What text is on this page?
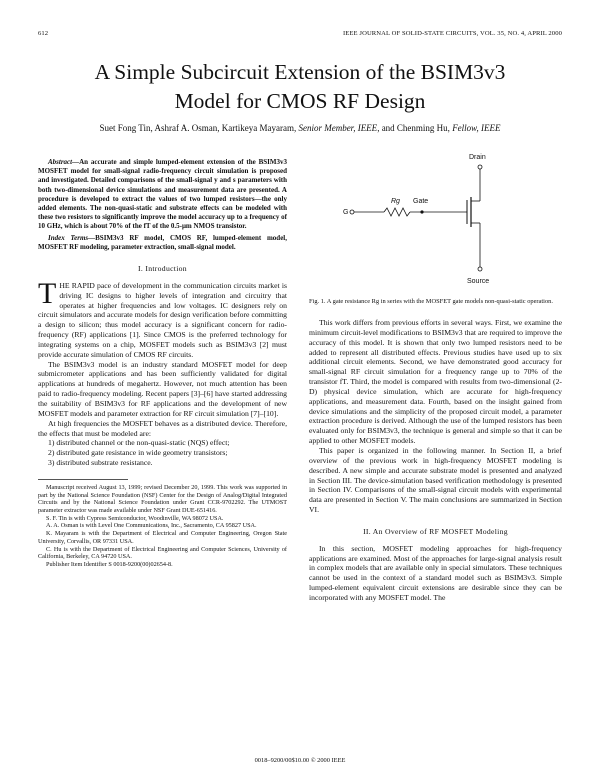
612	IEEE JOURNAL OF SOLID-STATE CIRCUITS, VOL. 35, NO. 4, APRIL 2000
A Simple Subcircuit Extension of the BSIM3v3
Model for CMOS RF Design
Suet Fong Tin, Ashraf A. Osman, Kartikeya Mayaram, Senior Member, IEEE, and Chenming Hu, Fellow, IEEE

Abstract—An accurate and simple lumped-element extension of the BSIM3v3 MOSFET model for small-signal radio-frequency circuit simulation is proposed and investigated. Detailed comparisons of the small-signal y and s parameters with both two-dimensional device simulations and measurement data are presented. A procedure is developed to extract the values of two lumped resistors—the only added elements. The non-quasi-static and substrate effects can be modeled with these two resistors to significantly improve the model accuracy up to a frequency of 10 GHz, which is about 70% of the fT of the 0.5-μm NMOS transistor.

Index Terms—BSIM3v3 RF model, CMOS RF, lumped-element model, MOSFET RF modeling, parameter extraction, small-signal model.

I. Introduction

THE RAPID pace of development in the communication circuits market is driving IC designs to higher levels of integration and circuitry that operates at higher frequencies and low voltages. IC designers rely on circuit simulators and accurate models for design verification before committing a design to silicon; thus model accuracy is a significant concern for radio-frequency (RF) applications [1]. Since CMOS is the preferred technology for integrating systems on a chip, MOSFET models such as BSIM3v3 [2] must provide accurate simulation of CMOS RF circuits.

The BSIM3v3 model is an industry standard MOSFET model for deep submicrometer applications and has been sufficiently validated for digital applications at hundreds of megahertz. However, not much attention has been paid to radio-frequency modeling. Recent papers [3]–[6] have started addressing the suitability of BSIM3v3 for RF applications and the development of new MOSFET models and parameter extraction for RF circuit simulation [7]–[10].

At high frequencies the MOSFET behaves as a distributed device. Therefore, the effects that must be modeled are:

1) distributed channel or the non-quasi-static (NQS) effect;
2) distributed gate resistance in wide geometry transistors;
3) distributed substrate resistance.

Manuscript received August 13, 1999; revised December 20, 1999. This work was supported in part by the National Science Foundation (NSF) Center for the Design of Analog/Digital Integrated Circuits and by the National Science Foundation under Grant CCR-9702292. The UTMOST parameter extractor was made available under NSF Grant DUE-651416.

S. F. Tin is with Cypress Semiconductor, Woodinville, WA 98072 USA.

A. A. Osman is with Level One Communications, Inc., Sacramento, CA 95827 USA.

K. Mayaram is with the Department of Electrical and Computer Engineering, Oregon State University, Corvallis, OR 97331 USA.

C. Hu is with the Department of Electrical Engineering and Computer Sciences, University of California, Berkeley, CA 94720 USA.

Publisher Item Identifier S 0018-9200(00)02654-8.

Drain
Source
Rg Gate
G
Fig. 1. A gate resistance Rg in series with the MOSFET gate models non-quasi-static operation.

This work differs from previous efforts in several ways. First, we examine the minimum circuit-level modifications to BSIM3v3 that are required to improve the accuracy of this model. It is shown that only two lumped resistors need to be added to represent all distributed effects. Previous studies have used up to six additional circuit elements. Second, we have demonstrated good accuracy for small-signal RF circuit simulation for a frequency range up to 70% of the transistor fT. Third, the model is compared with results from two-dimensional (2-D) physical device simulation, which are accurate for high-frequency applications, and measurement data. Fourth, based on the insight gained from device simulations and the simplicity of the proposed circuit model, a parameter extraction procedure is derived. Although the use of the lumped resistors has been evaluated only for BSIM3v3, the technique is general and simple so that it can be applied to other MOSFET models.

This paper is organized in the following manner. In Section II, a brief overview of the previous work in high-frequency MOSFET modeling is described. A new simple and accurate substrate model is presented and analyzed in Section III. The device-simulation based verification methodology is presented in Section IV. Comparisons of the small-signal circuit models with experimental data are presented in Section V. The main conclusions are summarized in Section VI.

II. An Overview of RF MOSFET Modeling

In this section, MOSFET modeling approaches for high-frequency applications are examined. Most of the approaches for large-signal analysis result in complex models that are available only in special simulators. These techniques cannot be used in the context of a standard model such as BSIM3v3. Simple lumped-element equivalent circuit extensions are desirable since they can be incorporated with any MOSFET model. The

0018–9200/00$10.00 © 2000 IEEE
